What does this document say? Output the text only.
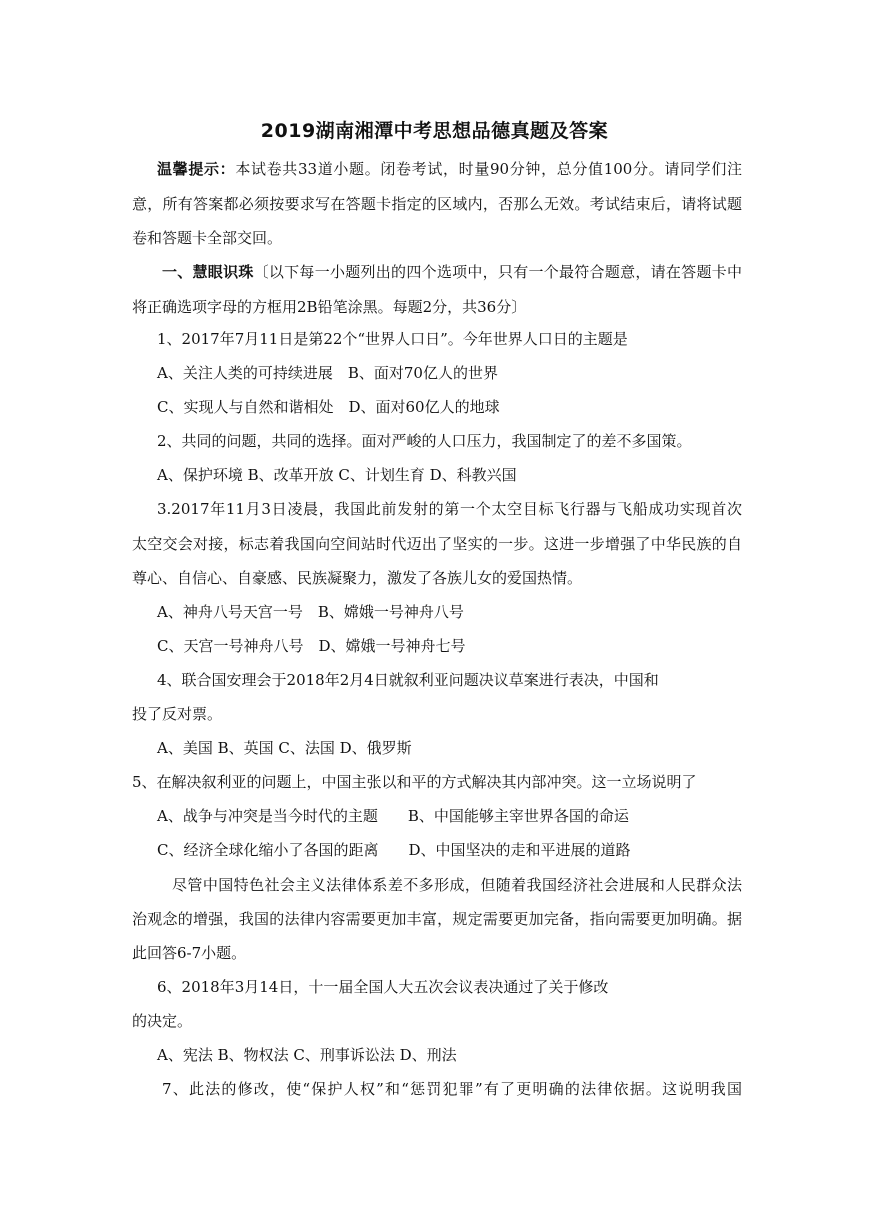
2019湖南湘潭中考思想品德真题及答案
温馨提示：本试卷共33道小题。闭卷考试，时量90分钟，总分值100分。请同学们注
意，所有答案都必须按要求写在答题卡指定的区域内，否那么无效。考试结束后，请将试题
卷和答题卡全部交回。
一、慧眼识珠〔以下每一小题列出的四个选项中，只有一个最符合题意，请在答题卡中
将正确选项字母的方框用2B铅笔涂黑。每题2分，共36分〕
1、2017年7月11日是第22个“世界人口日”。今年世界人口日的主题是
A、关注人类的可持续进展　B、面对70亿人的世界
C、实现人与自然和谐相处　D、面对60亿人的地球
2、共同的问题，共同的选择。面对严峻的人口压力，我国制定了的差不多国策。
A、保护环境 B、改革开放 C、计划生育 D、科教兴国
3.2017年11月3日凌晨，我国此前发射的第一个太空目标飞行器与飞船成功实现首次
太空交会对接，标志着我国向空间站时代迈出了坚实的一步。这进一步增强了中华民族的自
尊心、自信心、自豪感、民族凝聚力，激发了各族儿女的爱国热情。
A、神舟八号天宫一号　B、嫦娥一号神舟八号
C、天宫一号神舟八号　D、嫦娥一号神舟七号
4、联合国安理会于2018年2月4日就叙利亚问题决议草案进行表决，中国和
投了反对票。
A、美国 B、英国 C、法国 D、俄罗斯
5、在解决叙利亚的问题上，中国主张以和平的方式解决其内部冲突。这一立场说明了
A、战争与冲突是当今时代的主题　　B、中国能够主宰世界各国的命运
C、经济全球化缩小了各国的距离　　D、中国坚决的走和平进展的道路
尽管中国特色社会主义法律体系差不多形成，但随着我国经济社会进展和人民群众法
治观念的增强，我国的法律内容需要更加丰富，规定需要更加完备，指向需要更加明确。据
此回答6-7小题。
6、2018年3月14日，十一届全国人大五次会议表决通过了关于修改
的决定。
A、宪法 B、物权法 C、刑事诉讼法 D、刑法
7、此法的修改，使“保护人权”和“惩罚犯罪”有了更明确的法律依据。这说明我国
